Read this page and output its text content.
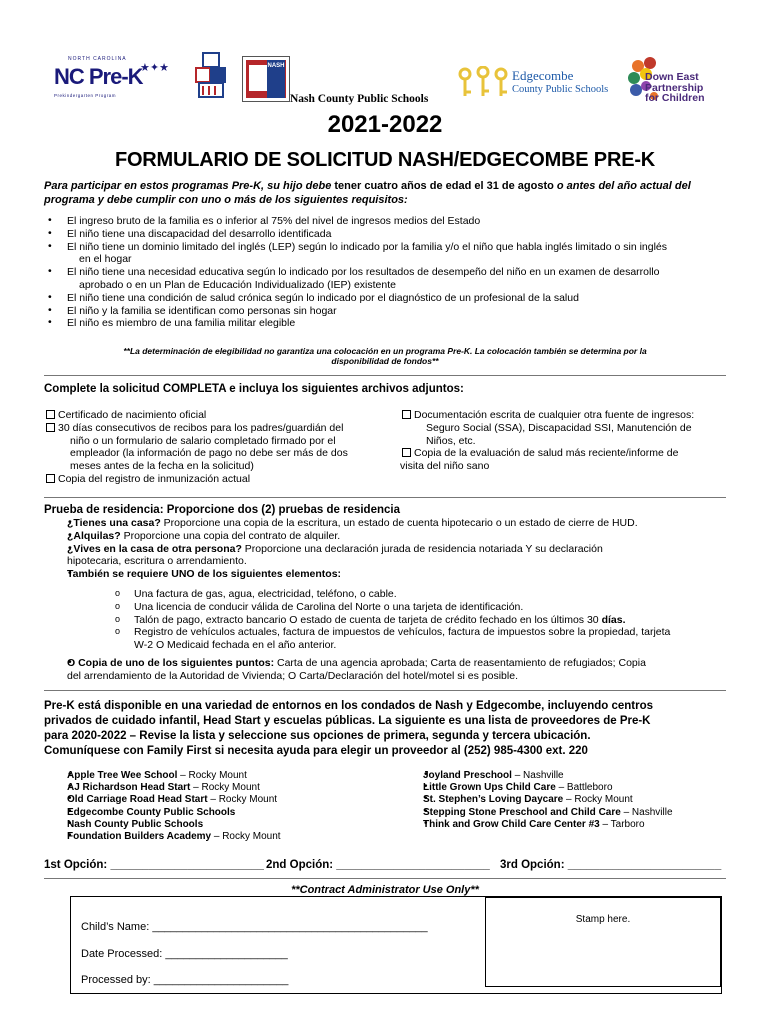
NORTH CAROLINA
NC Pre-K
★✦★
Prekindergarten Program
NASH
Nash County Public Schools
Edgecombe
County Public Schools
Down East
Partnership
for Children
2021-2022
FORMULARIO DE SOLICITUD NASH/EDGECOMBE PRE-K
Para participar en estos programas Pre-K, su hijo debe tener cuatro años de edad el 31 de agosto o antes del año actual del programa y debe cumplir con uno o más de los siguientes requisitos:
• El ingreso bruto de la familia es o inferior al 75% del nivel de ingresos medios del Estado
• El niño tiene una discapacidad del desarrollo identificada
• El niño tiene un dominio limitado del inglés (LEP) según lo indicado por la familia y/o el niño que habla inglés limitado o sin inglés
en el hogar
• El niño tiene una necesidad educativa según lo indicado por los resultados de desempeño del niño en un examen de desarrollo
aprobado o en un Plan de Educación Individualizado (IEP) existente
• El niño tiene una condición de salud crónica según lo indicado por el diagnóstico de un profesional de la salud
• El niño y la familia se identifican como personas sin hogar
• El niño es miembro de una familia militar elegible
**La determinación de elegibilidad no garantiza una colocación en un programa Pre-K. La colocación también se determina por la
disponibilidad de fondos**
Complete la solicitud COMPLETA e incluya los siguientes archivos adjuntos:
Certificado de nacimiento oficial
30 días consecutivos de recibos para los padres/guardián del
niño o un formulario de salario completado firmado por el
empleador (la información de pago no debe ser más de dos
meses antes de la fecha en la solicitud)
Copia del registro de inmunización actual
Documentación escrita de cualquier otra fuente de ingresos:
Seguro Social (SSA), Discapacidad SSI, Manutención de
Niños, etc.
Copia de la evaluación de salud más reciente/informe de
visita del niño sano
Prueba de residencia: Proporcione dos (2) pruebas de residencia
• ¿Tienes una casa? Proporcione una copia de la escritura, un estado de cuenta hipotecario o un estado de cierre de HUD.
• ¿Alquilas? Proporcione una copia del contrato de alquiler.
• ¿Vives en la casa de otra persona? Proporcione una declaración jurada de residencia notariada Y su declaración
hipotecaria, escritura o arrendamiento.
• También se requiere UNO de los siguientes elementos:
o Una factura de gas, agua, electricidad, teléfono, o cable.
o Una licencia de conducir válida de Carolina del Norte o una tarjeta de identificación.
o Talón de pago, extracto bancario O estado de cuenta de tarjeta de crédito fechado en los últimos 30 días.
o Registro de vehículos actuales, factura de impuestos de vehículos, factura de impuestos sobre la propiedad, tarjeta
W-2 O Medicaid fechada en el año anterior.
• O Copia de uno de los siguientes puntos: Carta de una agencia aprobada; Carta de reasentamiento de refugiados; Copia
del arrendamiento de la Autoridad de Vivienda; O Carta/Declaración del hotel/motel si es posible.
Pre-K está disponible en una variedad de entornos en los condados de Nash y Edgecombe, incluyendo centros
privados de cuidado infantil, Head Start y escuelas públicas. La siguiente es una lista de proveedores de Pre-K
para 2020-2022 – Revise la lista y seleccione sus opciones de primera, segunda y tercera ubicación.
Comuníquese con Family First si necesita ayuda para elegir un proveedor al (252) 985-4300 ext. 220
• Apple Tree Wee School – Rocky Mount
• AJ Richardson Head Start – Rocky Mount
• Old Carriage Road Head Start – Rocky Mount
• Edgecombe County Public Schools
• Nash County Public Schools
• Foundation Builders Academy – Rocky Mount
• Joyland Preschool – Nashville
• Little Grown Ups Child Care – Battleboro
• St. Stephen’s Loving Daycare – Rocky Mount
• Stepping Stone Preschool and Child Care – Nashville
• Think and Grow Child Care Center #3 – Tarboro
1st Opción: ________________________ 2nd Opción: ________________________ 3rd Opción: ________________________
**Contract Administrator Use Only**
Child’s Name: _____________________________________________
Date Processed: ____________________
Processed by: ______________________
Stamp here.
